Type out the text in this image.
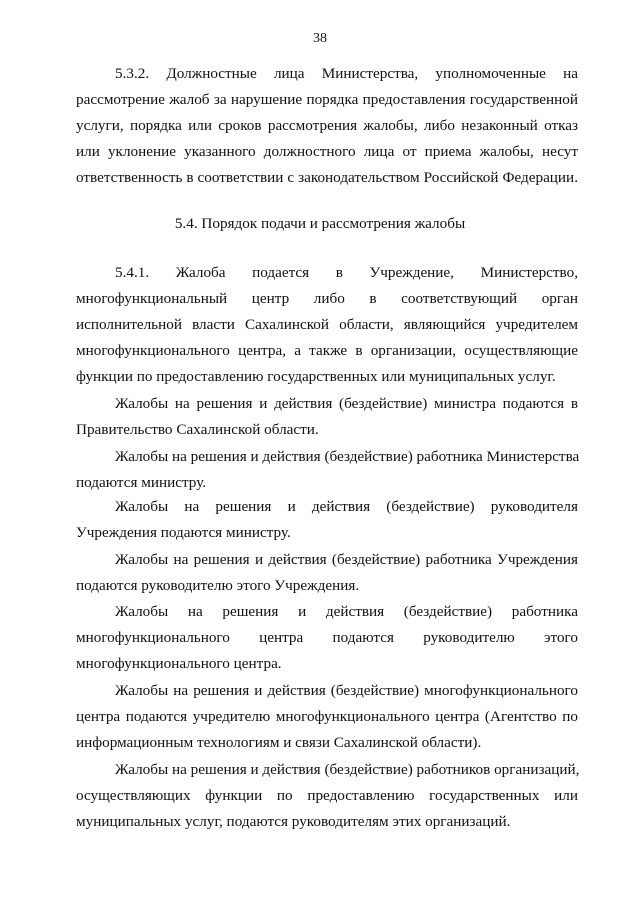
38
5.3.2. Должностные лица Министерства, уполномоченные на
рассмотрение жалоб за нарушение порядка предоставления государственной
услуги, порядка или сроков рассмотрения жалобы, либо незаконный отказ
или уклонение указанного должностного лица от приема жалобы, несут
ответственность в соответствии с законодательством Российской Федерации.
5.4. Порядок подачи и рассмотрения жалобы
5.4.1. Жалоба подается в Учреждение, Министерство,
многофункциональный центр либо в соответствующий орган
исполнительной власти Сахалинской области, являющийся учредителем
многофункционального центра, а также в организации, осуществляющие
функции по предоставлению государственных или муниципальных услуг.
Жалобы на решения и действия (бездействие) министра подаются в
Правительство Сахалинской области.
Жалобы на решения и действия (бездействие) работника Министерства
подаются министру.
Жалобы на решения и действия (бездействие) руководителя
Учреждения подаются министру.
Жалобы на решения и действия (бездействие) работника Учреждения
подаются руководителю этого Учреждения.
Жалобы на решения и действия (бездействие) работника
многофункционального центра подаются руководителю этого
многофункционального центра.
Жалобы на решения и действия (бездействие) многофункционального
центра подаются учредителю многофункционального центра (Агентство по
информационным технологиям и связи Сахалинской области).
Жалобы на решения и действия (бездействие) работников организаций,
осуществляющих функции по предоставлению государственных или
муниципальных услуг, подаются руководителям этих организаций.
